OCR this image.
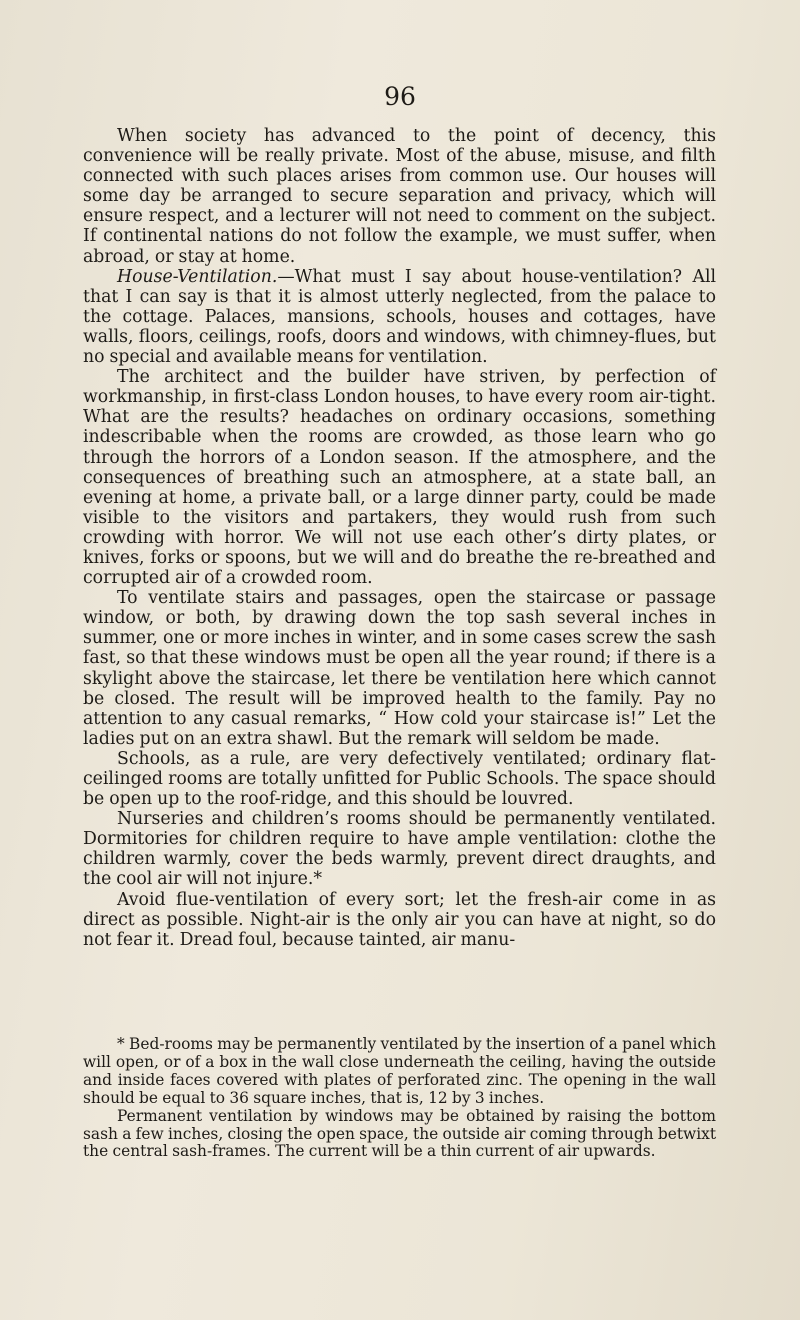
96

When society has advanced to the point of decency, this convenience will be really private. Most of the abuse, misuse, and filth connected with such places arises from common use. Our houses will some day be arranged to secure separation and privacy, which will ensure respect, and a lecturer will not need to comment on the subject. If continental nations do not follow the example, we must suffer, when abroad, or stay at home.

House-Ventilation.—What must I say about house-ventilation? All that I can say is that it is almost utterly neglected, from the palace to the cottage. Palaces, mansions, schools, houses and cottages, have walls, floors, ceilings, roofs, doors and windows, with chimney-flues, but no special and available means for ventilation.

The architect and the builder have striven, by perfection of workmanship, in first-class London houses, to have every room air-tight. What are the results? headaches on ordinary occasions, something indescribable when the rooms are crowded, as those learn who go through the horrors of a London season. If the atmosphere, and the consequences of breathing such an atmosphere, at a state ball, an evening at home, a private ball, or a large dinner party, could be made visible to the visitors and partakers, they would rush from such crowding with horror. We will not use each other’s dirty plates, or knives, forks or spoons, but we will and do breathe the re-breathed and corrupted air of a crowded room.

To ventilate stairs and passages, open the staircase or passage window, or both, by drawing down the top sash several inches in summer, one or more inches in winter, and in some cases screw the sash fast, so that these windows must be open all the year round; if there is a skylight above the staircase, let there be ventilation here which cannot be closed. The result will be improved health to the family. Pay no attention to any casual remarks, “ How cold your staircase is!” Let the ladies put on an extra shawl. But the remark will seldom be made.

Schools, as a rule, are very defectively ventilated; ordinary flat-ceilinged rooms are totally unfitted for Public Schools. The space should be open up to the roof-ridge, and this should be louvred.

Nurseries and children’s rooms should be permanently ventilated. Dormitories for children require to have ample ventilation: clothe the children warmly, cover the beds warmly, prevent direct draughts, and the cool air will not injure.*

Avoid flue-ventilation of every sort; let the fresh-air come in as direct as possible. Night-air is the only air you can have at night, so do not fear it. Dread foul, because tainted, air manu-

* Bed-rooms may be permanently ventilated by the insertion of a panel which will open, or of a box in the wall close underneath the ceiling, having the outside and inside faces covered with plates of perforated zinc. The opening in the wall should be equal to 36 square inches, that is, 12 by 3 inches.

Permanent ventilation by windows may be obtained by raising the bottom sash a few inches, closing the open space, the outside air coming through betwixt the central sash-frames. The current will be a thin current of air upwards.
